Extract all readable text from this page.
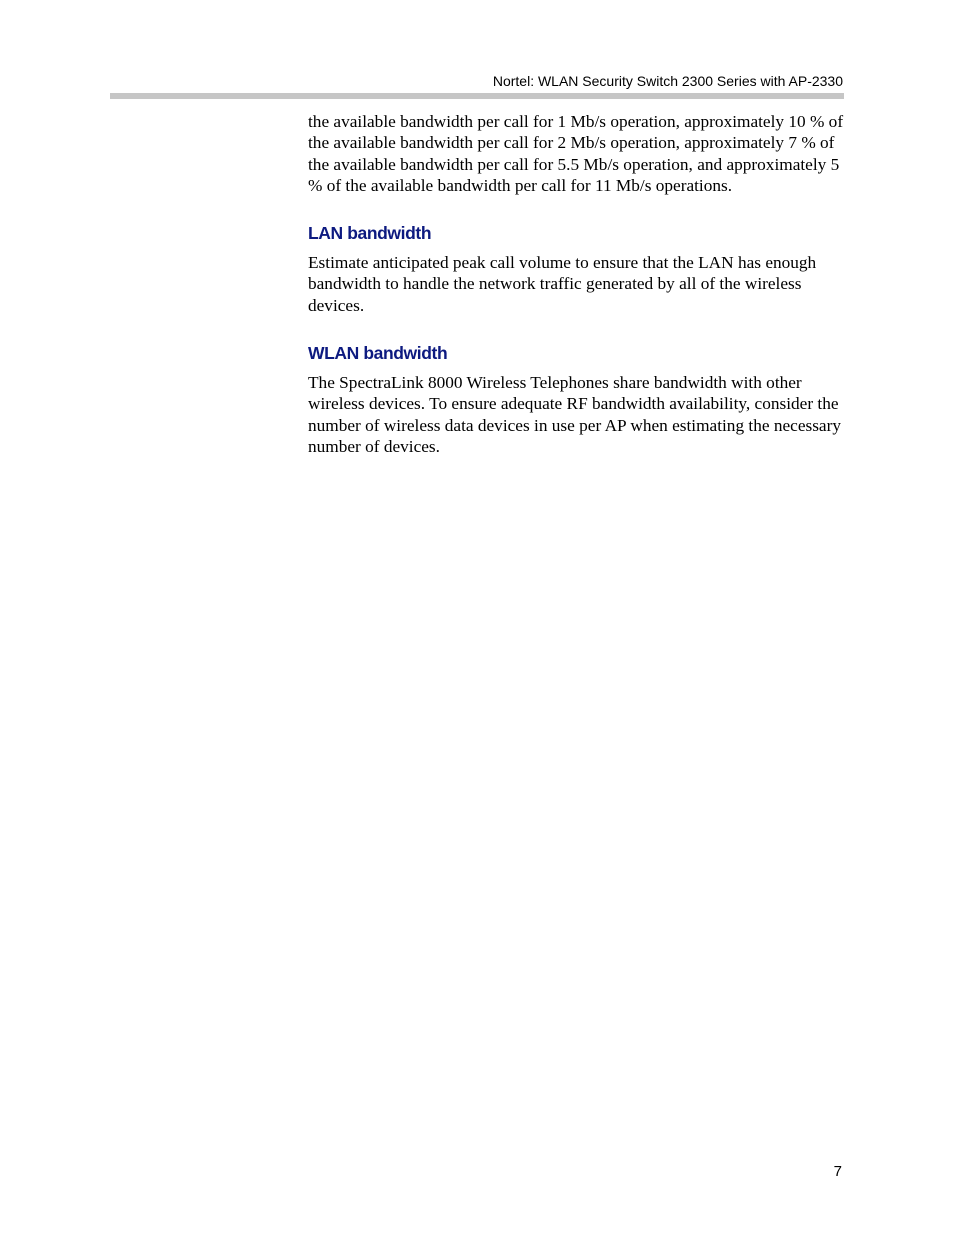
Nortel: WLAN Security Switch 2300 Series with AP-2330

the available bandwidth per call for 1 Mb/s operation, approximately 10 % of the available bandwidth per call for 2 Mb/s operation, approximately 7 % of the available bandwidth per call for 5.5 Mb/s operation, and approximately 5 % of the available bandwidth per call for 11 Mb/s operations.

LAN bandwidth

Estimate anticipated peak call volume to ensure that the LAN has enough bandwidth to handle the network traffic generated by all of the wireless devices.

WLAN bandwidth

The SpectraLink 8000 Wireless Telephones share bandwidth with other wireless devices. To ensure adequate RF bandwidth availability, consider the number of wireless data devices in use per AP when estimating the necessary number of devices.

7
